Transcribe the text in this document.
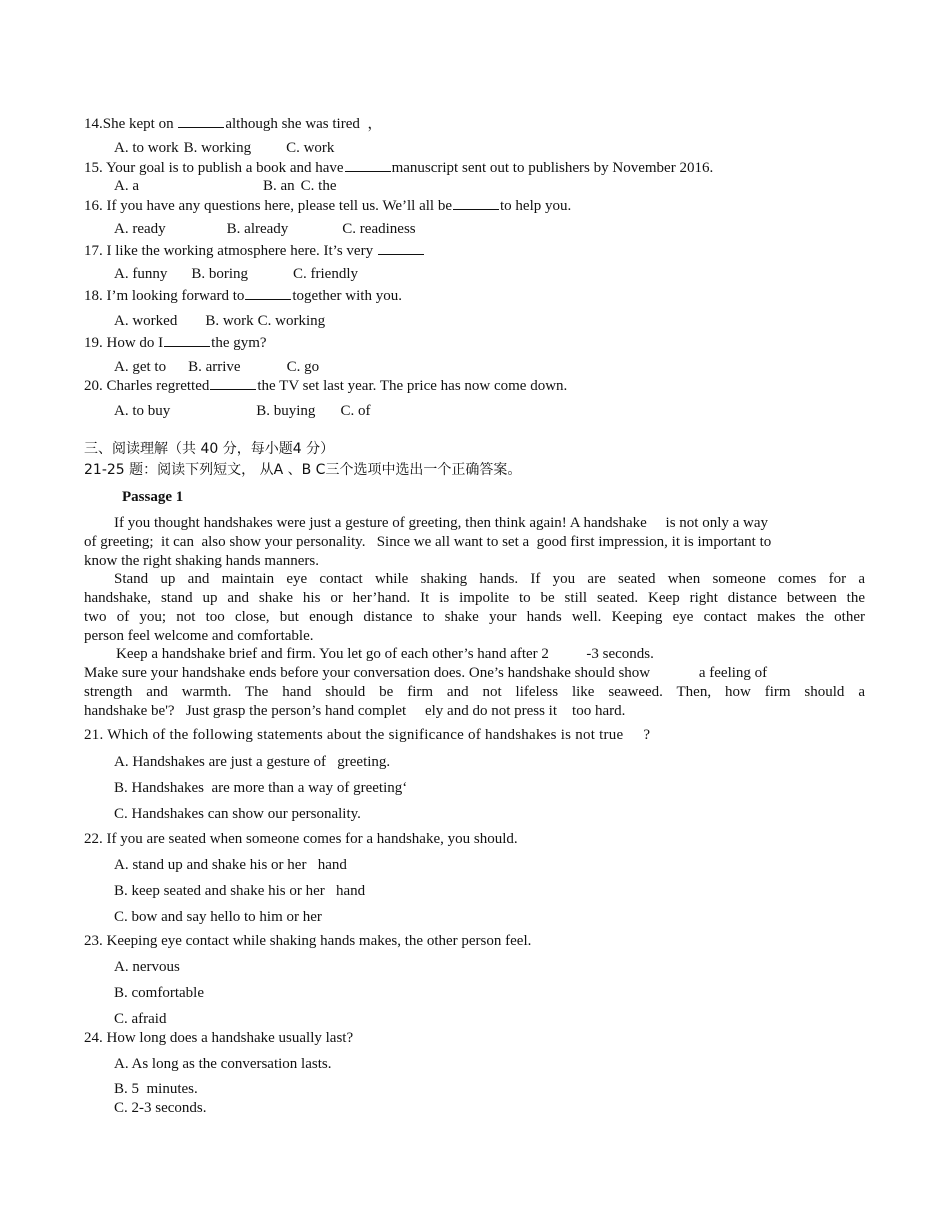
14.She kept on	although she was tired  ，
A. to work B. working C. work
15. Your goal is to publish a book and have	manuscript sent out to publishers by November 2016.
A. a	B. an C. the
16. If you have any questions here, please tell us. We’ll all be	to help you.
A. ready	B. already	C. readiness
17. I like the working atmosphere here. It’s very
A. funny B. boring	C. friendly
18. I’m looking forward to	together with you.
A. worked B. work C. working
19. How do I	the gym?
A. get to B. arrive	C. go
20. Charles regretted	the TV set last year. The price has now come down.
A. to buy	B. buying C. of
三、阅读理解（共 40 分，每小题4 分）
21-25 题：阅读下列短文， 从A 、B C三个选项中选出一个正确答案。
Passage 1
If you thought handshakes were just a gesture of greeting, then think again! A handshake     is not only a way
of greeting;  it can  also show your personality.   Since we all want to set a  good first impression, it is important to
know the right shaking hands manners.
Stand up and maintain eye contact while shaking hands. If you are seated when someone comes for a
handshake, stand up and shake his or her’hand. It is impolite to be still seated. Keep right distance between the
two of you; not too close, but enough distance to shake your hands well. Keeping eye contact makes the other
person feel welcome and comfortable.
Keep a handshake brief and firm. You let go of each other’s hand after 2          -3 seconds.
Make sure your handshake ends before your conversation does. One’s handshake should show             a feeling of
strength and warmth. The hand should be firm and not lifeless like seaweed. Then, how firm should a
handshake be'?   Just grasp the person’s hand complet     ely and do not press it    too hard.
21. Which of the following statements about the significance of handshakes is not true     ?
A. Handshakes are just a gesture of   greeting.
B. Handshakes  are more than a way of greeting‘
C. Handshakes can show our personality.
22. If you are seated when someone comes for a handshake, you should.
A. stand up and shake his or her   hand
B. keep seated and shake his or her   hand
C. bow and say hello to him or her
23. Keeping eye contact while shaking hands makes, the other person feel.
A. nervous
B. comfortable
C. afraid
24. How long does a handshake usually last?
A. As long as the conversation lasts.
B. 5  minutes.
C. 2-3 seconds.
